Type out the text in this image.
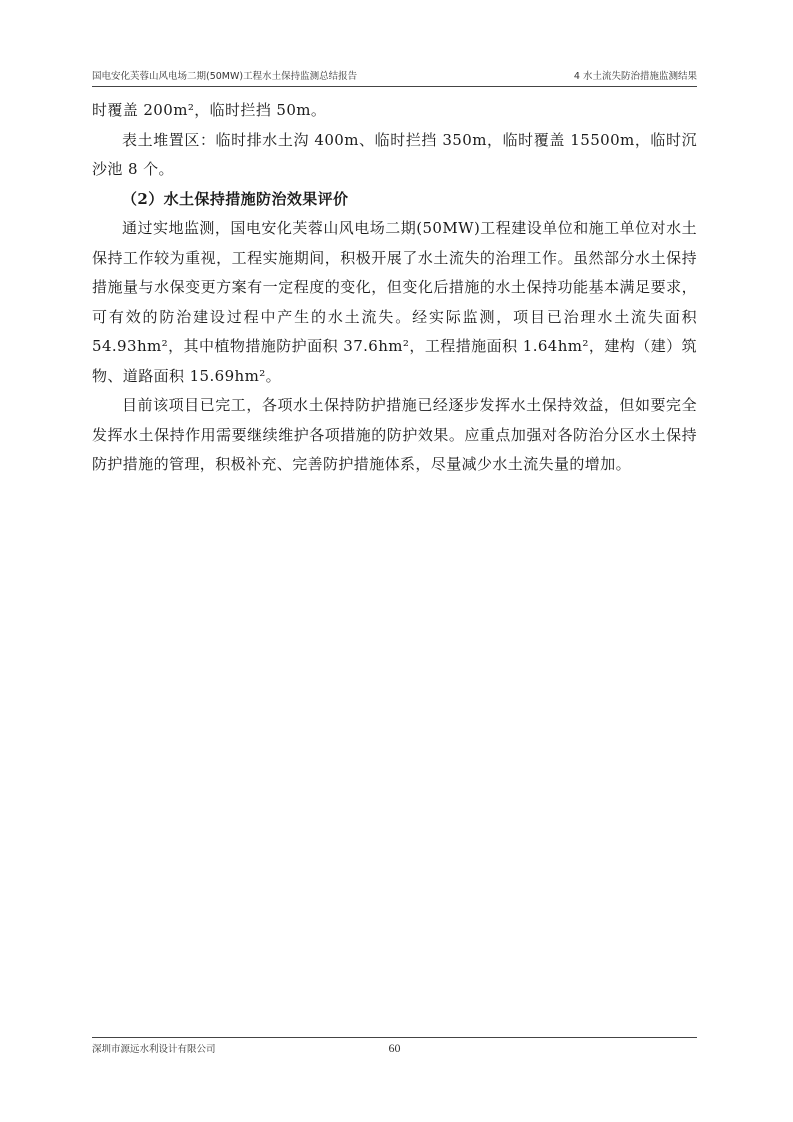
国电安化芙蓉山风电场二期(50MW)工程水土保持监测总结报告	4 水土流失防治措施监测结果

时覆盖 200m²，临时拦挡 50m。

表土堆置区：临时排水土沟 400m、临时拦挡 350m，临时覆盖 15500m，临时沉沙池 8 个。

（2）水土保持措施防治效果评价

通过实地监测，国电安化芙蓉山风电场二期(50MW)工程建设单位和施工单位对水土保持工作较为重视，工程实施期间，积极开展了水土流失的治理工作。虽然部分水土保持措施量与水保变更方案有一定程度的变化，但变化后措施的水土保持功能基本满足要求，可有效的防治建设过程中产生的水土流失。经实际监测，项目已治理水土流失面积 54.93hm²，其中植物措施防护面积 37.6hm²，工程措施面积 1.64hm²，建构（建）筑物、道路面积 15.69hm²。

目前该项目已完工，各项水土保持防护措施已经逐步发挥水土保持效益，但如要完全发挥水土保持作用需要继续维护各项措施的防护效果。应重点加强对各防治分区水土保持防护措施的管理，积极补充、完善防护措施体系，尽量减少水土流失量的增加。

深圳市源远水利设计有限公司	60
